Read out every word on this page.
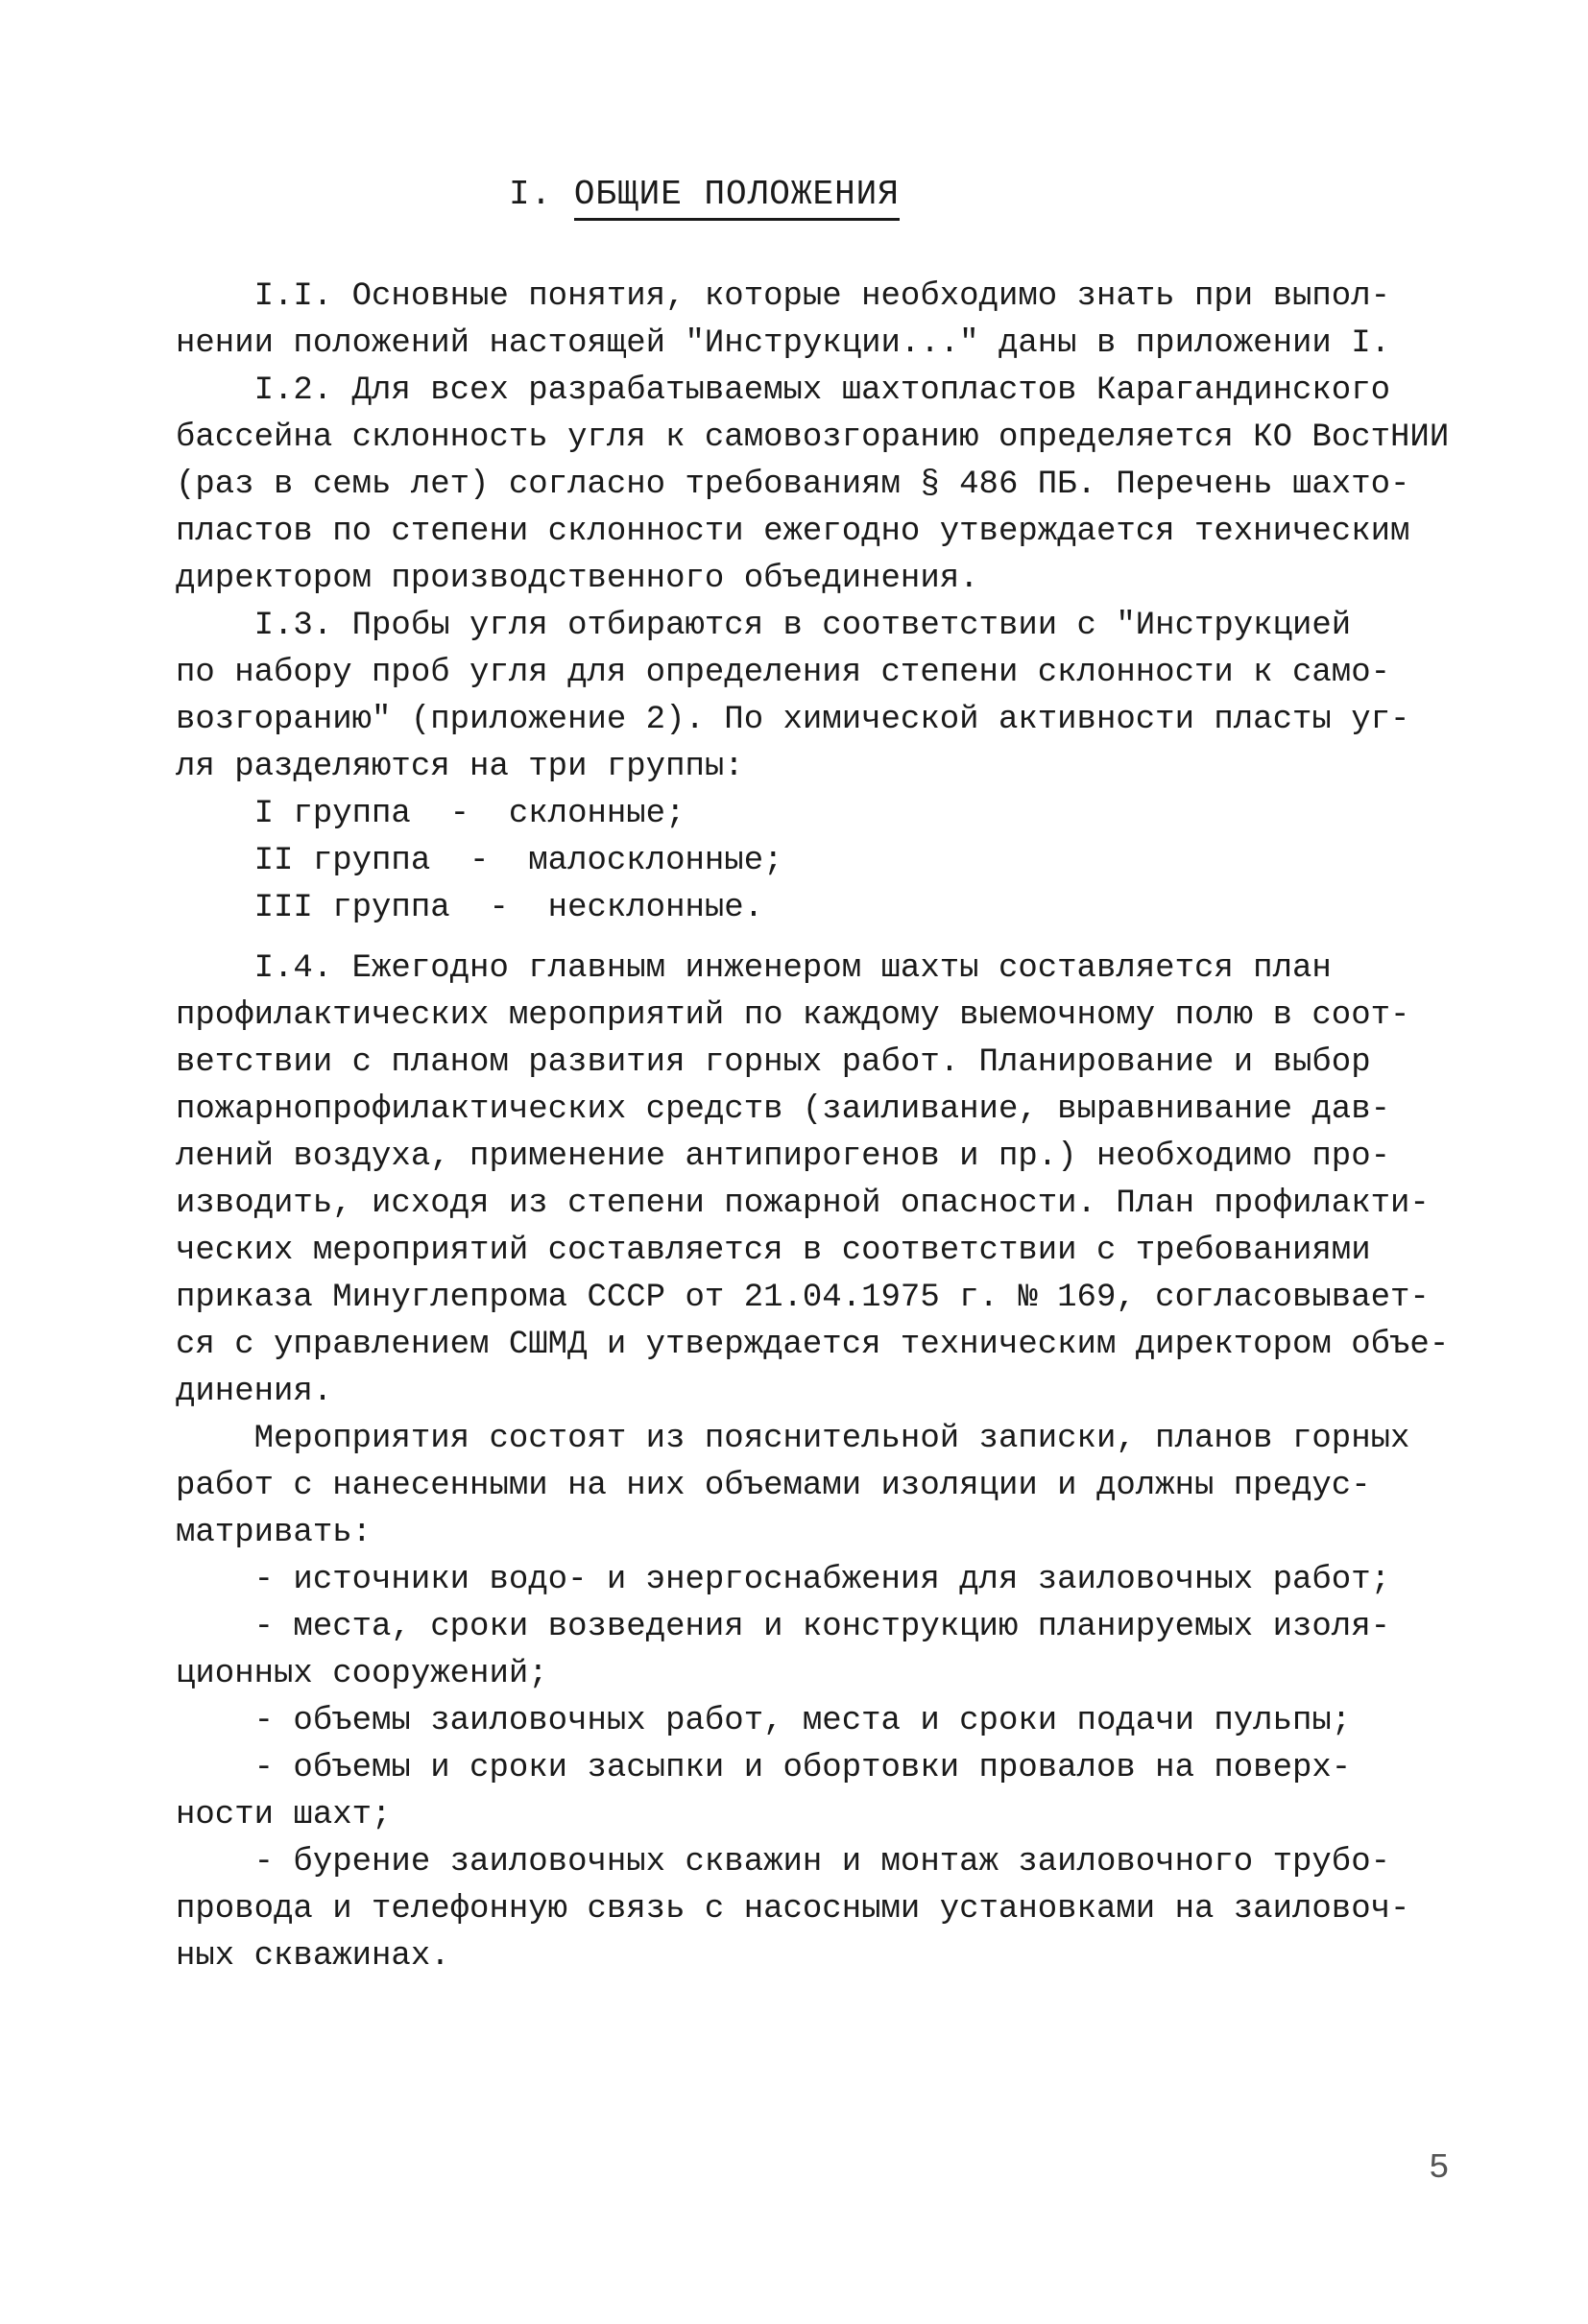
I. ОБЩИЕ ПОЛОЖЕНИЯ
I.I. Основные понятия, которые необходимо знать при выпол-
нении положений настоящей "Инструкции..." даны в приложении I.
I.2. Для всех разрабатываемых шахтопластов Карагандинского
бассейна склонность угля к самовозгоранию определяется КО ВостНИИ
(раз в семь лет) согласно требованиям § 486 ПБ. Перечень шахто-
пластов по степени склонности ежегодно утверждается техническим
директором производственного объединения.
I.3. Пробы угля отбираются в соответствии с "Инструкцией
по набору проб угля для определения степени склонности к само-
возгоранию" (приложение 2). По химической активности пласты уг-
ля разделяются на три группы:
I группа  -  склонные;
II группа  -  малосклонные;
III группа  -  несклонные.
I.4. Ежегодно главным инженером шахты составляется план
профилактических мероприятий по каждому выемочному полю в соот-
ветствии с планом развития горных работ. Планирование и выбор
пожарнопрофилактических средств (заиливание, выравнивание дав-
лений воздуха, применение антипирогенов и пр.) необходимо про-
изводить, исходя из степени пожарной опасности. План профилакти-
ческих мероприятий составляется в соответствии с требованиями
приказа Минуглепрома СССР от 21.04.1975 г. № 169, согласовывает-
ся с управлением СШМД и утверждается техническим директором объе-
динения.
Мероприятия состоят из пояснительной записки, планов горных
работ с нанесенными на них объемами изоляции и должны предус-
матривать:
- источники водо- и энергоснабжения для заиловочных работ;
- места, сроки возведения и конструкцию планируемых изоля-
ционных сооружений;
- объемы заиловочных работ, места и сроки подачи пульпы;
- объемы и сроки засыпки и обортовки провалов на поверх-
ности шахт;
- бурение заиловочных скважин и монтаж заиловочного трубо-
провода и телефонную связь с насосными установками на заиловоч-
ных скважинах.
5
